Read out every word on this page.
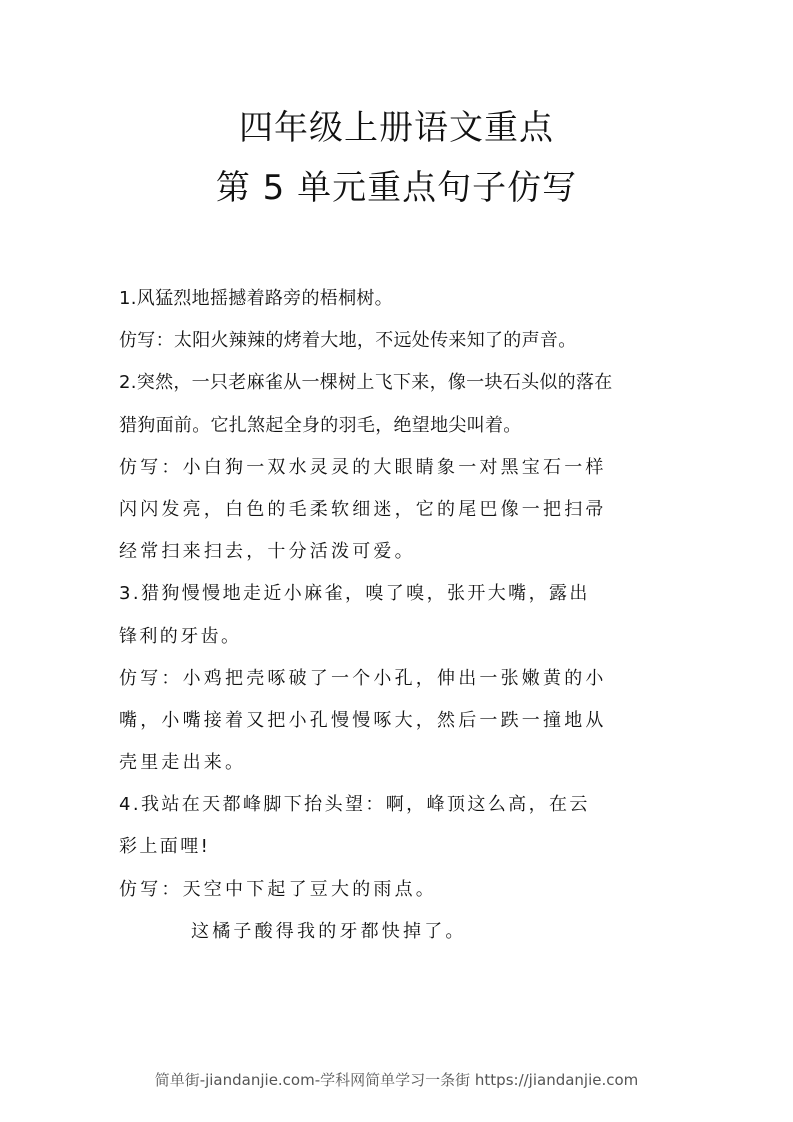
四年级上册语文重点
第 5 单元重点句子仿写
1.风猛烈地摇撼着路旁的梧桐树。
仿写：太阳火辣辣的烤着大地，不远处传来知了的声音。
2.突然，一只老麻雀从一棵树上飞下来，像一块石头似的落在
猎狗面前。它扎煞起全身的羽毛，绝望地尖叫着。
仿写：小白狗一双水灵灵的大眼睛象一对黑宝石一样
闪闪发亮，白色的毛柔软细迷，它的尾巴像一把扫帚
经常扫来扫去，十分活泼可爱。
3.猎狗慢慢地走近小麻雀，嗅了嗅，张开大嘴，露出
锋利的牙齿。
仿写：小鸡把壳啄破了一个小孔，伸出一张嫩黄的小
嘴，小嘴接着又把小孔慢慢啄大，然后一跌一撞地从
壳里走出来。
4.我站在天都峰脚下抬头望：啊，峰顶这么高，在云
彩上面哩!
仿写：天空中下起了豆大的雨点。
这橘子酸得我的牙都快掉了。
简单街-jiandanjie.com-学科网简单学习一条街 https://jiandanjie.com
